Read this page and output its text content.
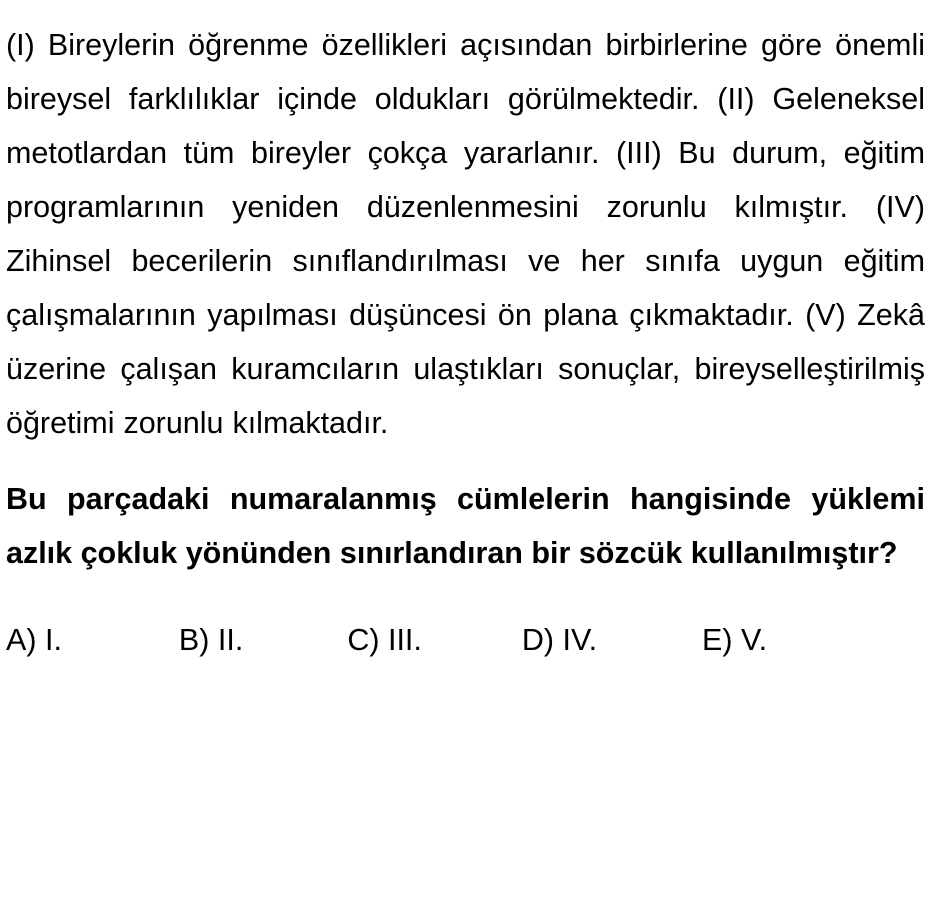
(I) Bireylerin öğrenme özellikleri açısından birbirlerine göre önemli bireysel farklılıklar içinde oldukları görülmektedir. (II) Geleneksel metotlardan tüm bireyler çokça yararlanır. (III) Bu durum, eğitim programlarının yeniden düzenlenmesini zorunlu kılmıştır. (IV) Zihinsel becerilerin sınıflandırılması ve her sınıfa uygun eğitim çalışmalarının yapılması düşüncesi ön plana çıkmaktadır. (V) Zekâ üzerine çalışan kuramcıların ulaştıkları sonuçlar, bireyselleştirilmiş öğretimi zorunlu kılmaktadır.

Bu parçadaki numaralanmış cümlelerin hangisinde yüklemi azlık çokluk yönünden sınırlandıran bir sözcük kullanılmıştır?

A) I.	B) II.	C) III.	D) IV.	E) V.
